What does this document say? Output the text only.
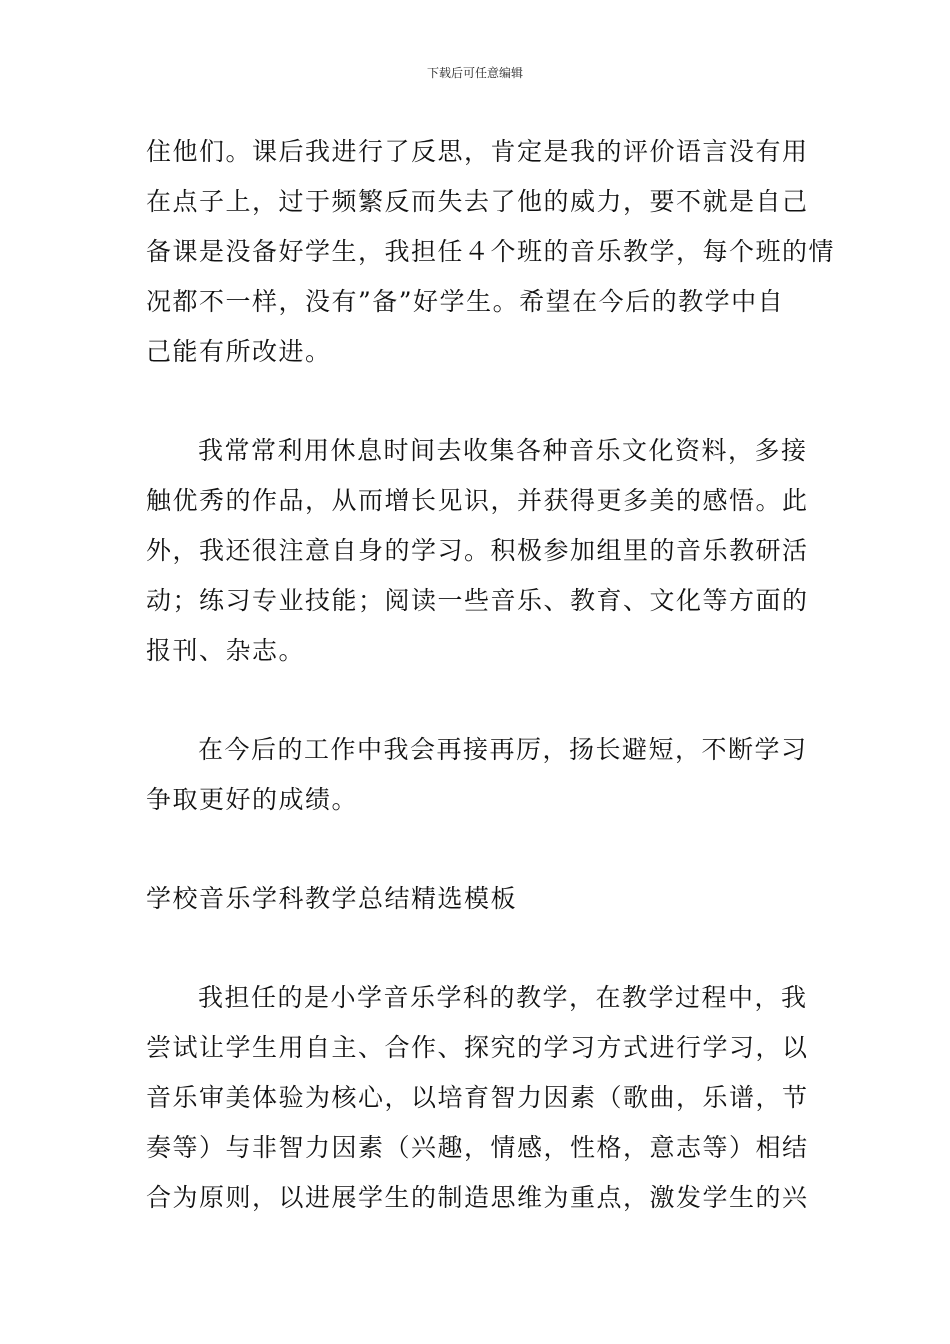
下载后可任意编辑
住他们。课后我进行了反思，肯定是我的评价语言没有用
在点子上，过于频繁反而失去了他的威力，要不就是自己
备课是没备好学生，我担任４个班的音乐教学，每个班的情
况都不一样，没有”备”好学生。希望在今后的教学中自
己能有所改进。
我常常利用休息时间去收集各种音乐文化资料，多接
触优秀的作品，从而增长见识，并获得更多美的感悟。此
外，我还很注意自身的学习。积极参加组里的音乐教研活
动；练习专业技能；阅读一些音乐、教育、文化等方面的
报刊、杂志。
在今后的工作中我会再接再厉，扬长避短，不断学习
争取更好的成绩。
学校音乐学科教学总结精选模板
我担任的是小学音乐学科的教学，在教学过程中，我
尝试让学生用自主、合作、探究的学习方式进行学习，以
音乐审美体验为核心，以培育智力因素（歌曲，乐谱，节
奏等）与非智力因素（兴趣，情感，性格，意志等）相结
合为原则，以进展学生的制造思维为重点，激发学生的兴
